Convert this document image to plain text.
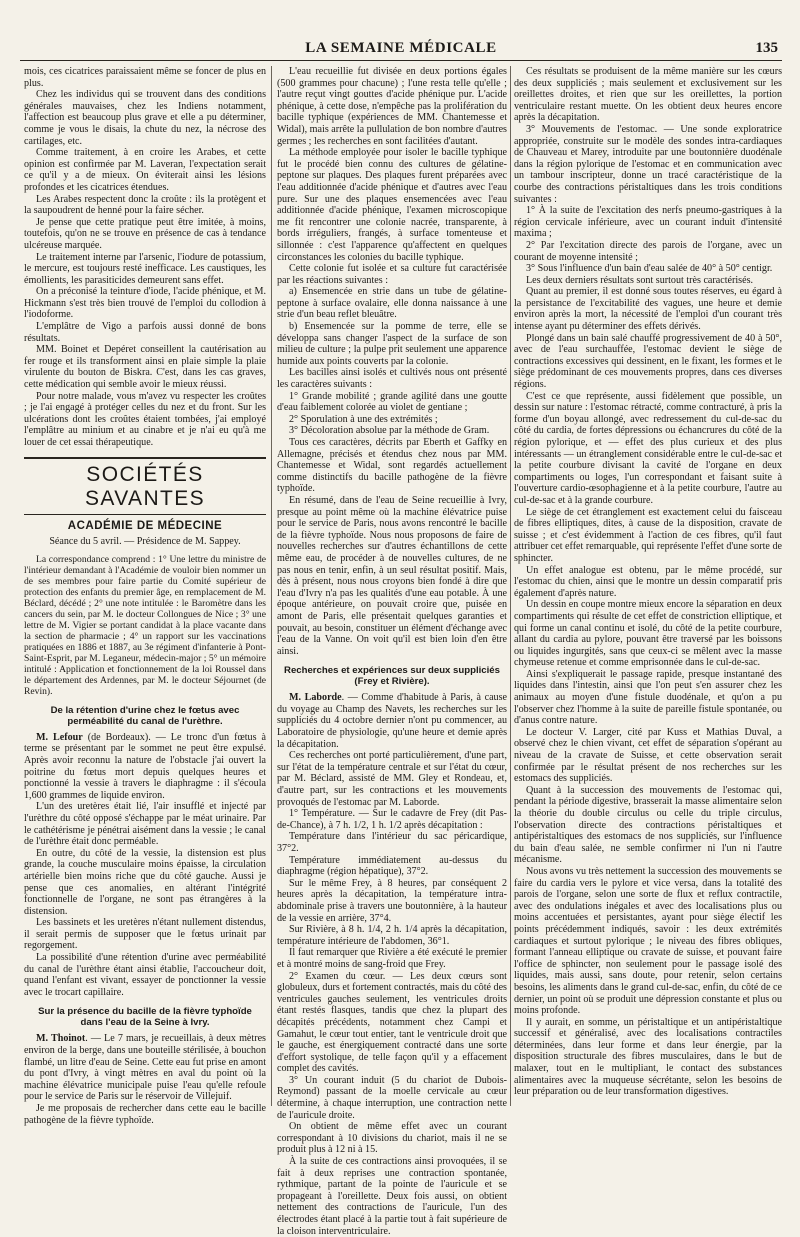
LA SEMAINE MÉDICALE	135

mois, ces cicatrices paraissaient même se foncer de plus en plus.

Chez les individus qui se trouvent dans des conditions générales mauvaises, chez les Indiens notamment, l'affection est beaucoup plus grave et elle a pu déterminer, comme je vous le disais, la chute du nez, la nécrose des cartilages, etc.

Comme traitement, à en croire les Arabes, et cette opinion est confirmée par M. Laveran, l'expectation serait ce qu'il y a de mieux. On éviterait ainsi les lésions profondes et les cicatrices étendues.

Les Arabes respectent donc la croûte : ils la protègent et la saupoudrent de henné pour la faire sécher.

Je pense que cette pratique peut être imitée, à moins, toutefois, qu'on ne se trouve en présence de cas à tendance ulcéreuse marquée.

Le traitement interne par l'arsenic, l'iodure de potassium, le mercure, est toujours resté inefficace. Les caustiques, les émollients, les parasiticides demeurent sans effet.

On a préconisé la teinture d'iode, l'acide phénique, et M. Hickmann s'est très bien trouvé de l'emploi du collodion à l'iodoforme.

L'emplâtre de Vigo a parfois aussi donné de bons résultats.

MM. Boinet et Depéret conseillent la cautérisation au fer rouge et ils transforment ainsi en plaie simple la plaie virulente du bouton de Biskra. C'est, dans les cas graves, cette médication qui semble avoir le mieux réussi.

Pour notre malade, vous m'avez vu respecter les croûtes ; je l'ai engagé à protéger celles du nez et du front. Sur les ulcérations dont les croûtes étaient tombées, j'ai employé l'emplâtre au minium et au cinabre et je n'ai eu qu'à me louer de cet essai thérapeutique.

SOCIÉTÉS SAVANTES
ACADÉMIE DE MÉDECINE
Séance du 5 avril. — Présidence de M. Sappey.

La correspondance comprend : 1° Une lettre du ministre de l'intérieur demandant à l'Académie de vouloir bien nommer un de ses membres pour faire partie du Comité supérieur de protection des enfants du premier âge, en remplacement de M. Béclard, décédé ; 2° une note intitulée : le Baromètre dans les cancers du sein, par M. le docteur Collongues de Nice ; 3° une lettre de M. Vigier se portant candidat à la place vacante dans la section de pharmacie ; 4° un rapport sur les vaccinations pratiquées en 1886 et 1887, au 3e régiment d'infanterie à Pont-Saint-Esprit, par M. Leganeur, médecin-major ; 5° un mémoire intitulé : Application et fonctionnement de la loi Roussel dans le département des Ardennes, par M. le docteur Séjournet (de Revin).

De la rétention d'urine chez le fœtus avec perméabilité du canal de l'urèthre.

M. Lefour (de Bordeaux). — Le tronc d'un fœtus à terme se présentant par le sommet ne peut être expulsé. Après avoir reconnu la nature de l'obstacle j'ai ouvert la poitrine du fœtus mort depuis quelques heures et ponctionné la vessie à travers le diaphragme : il s'écoula 1,600 grammes de liquide environ.

L'un des uretères était lié, l'air insufflé et injecté par l'urèthre du côté opposé s'échappe par le méat urinaire. Par le cathétérisme je pénétrai aisément dans la vessie ; le canal de l'urèthre était donc perméable.

En outre, du côté de la vessie, la distension est plus grande, la couche musculaire moins épaisse, la circulation artérielle bien moins riche que du côté gauche. Aussi je pense que ces anomalies, en altérant l'intégrité fonctionnelle de l'organe, ne sont pas étrangères à la distension.

Les bassinets et les uretères n'étant nullement distendus, il serait permis de supposer que le fœtus urinait par regorgement.

La possibilité d'une rétention d'urine avec perméabilité du canal de l'urèthre étant ainsi établie, l'accoucheur doit, quand l'enfant est vivant, essayer de ponctionner la vessie avec le trocart capillaire.

Sur la présence du bacille de la fièvre typhoïde dans l'eau de la Seine à Ivry.

M. Thoinot. — Le 7 mars, je recueillais, à deux mètres environ de la berge, dans une bouteille stérilisée, à bouchon flambé, un litre d'eau de Seine. Cette eau fut prise en amont du pont d'Ivry, à vingt mètres en aval du point où la machine élévatrice municipale puise l'eau qu'elle refoule pour le service de Paris sur le réservoir de Villejuif.

Je me proposais de rechercher dans cette eau le bacille pathogène de la fièvre typhoïde.

L'eau recueillie fut divisée en deux portions égales (500 grammes pour chacune) ; l'une resta telle qu'elle ; l'autre reçut vingt gouttes d'acide phénique pur. L'acide phénique, à cette dose, n'empêche pas la prolifération du bacille typhique (expériences de MM. Chantemesse et Widal), mais arrête la pullulation de bon nombre d'autres germes ; les recherches en sont facilitées d'autant.

La méthode employée pour isoler le bacille typhique fut le procédé bien connu des cultures de gélatine-peptone sur plaques. Des plaques furent préparées avec l'eau additionnée d'acide phénique et d'autres avec l'eau pure. Sur une des plaques ensemencées avec l'eau additionnée d'acide phénique, l'examen microscopique me fit rencontrer une colonie nacrée, transparente, à bords irréguliers, frangés, à surface tomenteuse et sillonnée : c'est l'apparence qu'affectent en quelques circonstances les colonies du bacille typhique.

Cette colonie fut isolée et sa culture fut caractérisée par les réactions suivantes :

a) Ensemencée en strie dans un tube de gélatine-peptone à surface ovalaire, elle donna naissance à une strie d'un beau reflet bleuâtre.

b) Ensemencée sur la pomme de terre, elle se développa sans changer l'aspect de la surface de son milieu de culture ; la pulpe prit seulement une apparence humide aux points couverts par la colonie.

Les bacilles ainsi isolés et cultivés nous ont présenté les caractères suivants :

1° Grande mobilité ; grande agilité dans une goutte d'eau faiblement colorée au violet de gentiane ;

2° Sporulation à une des extrémités ;

3° Décoloration absolue par la méthode de Gram.

Tous ces caractères, décrits par Eberth et Gaffky en Allemagne, précisés et étendus chez nous par MM. Chantemesse et Widal, sont regardés actuellement comme distinctifs du bacille pathogène de la fièvre typhoïde.

En résumé, dans de l'eau de Seine recueillie à Ivry, presque au point même où la machine élévatrice puise pour le service de Paris, nous avons rencontré le bacille de la fièvre typhoïde. Nous nous proposons de faire de nouvelles recherches sur d'autres échantillons de cette même eau, de procéder à de nouvelles cultures, de ne pas nous en tenir, enfin, à un seul résultat positif. Mais, dès à présent, nous nous croyons bien fondé à dire que l'eau d'Ivry n'a pas les qualités d'une eau potable. À une époque antérieure, on pouvait croire que, puisée en amont de Paris, elle présentait quelques garanties et pouvait, au besoin, constituer un élément d'échange avec l'eau de la Vanne. On voit qu'il est bien loin d'en être ainsi.

Recherches et expériences sur deux suppliciés (Frey et Rivière).

M. Laborde. — Comme d'habitude à Paris, à cause du voyage au Champ des Navets, les recherches sur les suppliciés du 4 octobre dernier n'ont pu commencer, au Laboratoire de physiologie, qu'une heure et demie après la décapitation.

Ces recherches ont porté particulièrement, d'une part, sur l'état de la température centrale et sur l'état du cœur, par M. Béclard, assisté de MM. Gley et Rondeau, et, d'autre part, sur les contractions et les mouvements provoqués de l'estomac par M. Laborde.

1° Température. — Sur le cadavre de Frey (dit Pas-de-Chance), à 7 h. 1/2, 1 h. 1/2 après décapitation :

Température dans l'intérieur du sac péricardique, 37°2.

Température immédiatement au-dessus du diaphragme (région hépatique), 37°2.

Sur le même Frey, à 8 heures, par conséquent 2 heures après la décapitation, la température intra-abdominale prise à travers une boutonnière, à la hauteur de la vessie en arrière, 37°4.

Sur Rivière, à 8 h. 1/4, 2 h. 1/4 après la décapitation, température intérieure de l'abdomen, 36°1.

Il faut remarquer que Rivière a été exécuté le premier et à montré moins de sang-froid que Frey.

2° Examen du cœur. — Les deux cœurs sont globuleux, durs et fortement contractés, mais du côté des ventricules gauches seulement, les ventricules droits étant restés flasques, tandis que chez la plupart des décapités précédents, notamment chez Campi et Gamahut, le cœur tout entier, tant le ventricule droit que le gauche, est énergiquement contracté dans une sorte d'effort systolique, de telle façon qu'il y a effacement complet des cavités.

3° Un courant induit (5 du chariot de Dubois-Reymond) passant de la moelle cervicale au cœur détermine, à chaque interruption, une contraction nette de l'auricule droite.

On obtient de même effet avec un courant correspondant à 10 divisions du chariot, mais il ne se produit plus à 12 ni à 15.

À la suite de ces contractions ainsi provoquées, il se fait à deux reprises une contraction spontanée, rythmique, partant de la pointe de l'auricule et se propageant à l'oreillette. Deux fois aussi, on obtient nettement des contractions de l'auricule, l'un des électrodes étant placé à la partie tout à fait supérieure de la cloison interventriculaire.

Ces résultats se produisent de la même manière sur les cœurs des deux suppliciés ; mais seulement et exclusivement sur les oreillettes droites, et rien que sur les oreillettes, la portion ventriculaire restant muette. On les obtient deux heures encore après la décapitation.

3° Mouvements de l'estomac. — Une sonde exploratrice appropriée, construite sur le modèle des sondes intra-cardiaques de Chauveau et Marey, introduite par une boutonnière duodénale dans la région pylorique de l'estomac et en communication avec un tambour inscripteur, donne un tracé caractéristique de la courbe des contractions péristaltiques dans les trois conditions suivantes :

1° À la suite de l'excitation des nerfs pneumo-gastriques à la région cervicale inférieure, avec un courant induit d'intensité maxima ;

2° Par l'excitation directe des parois de l'organe, avec un courant de moyenne intensité ;

3° Sous l'influence d'un bain d'eau salée de 40° à 50° centigr.

Les deux derniers résultats sont surtout très caractérisés.

Quant au premier, il est donné sous toutes réserves, eu égard à la persistance de l'excitabilité des vagues, une heure et demie environ après la mort, la nécessité de l'emploi d'un courant très intense ayant pu déterminer des effets dérivés.

Plongé dans un bain salé chauffé progressivement de 40 à 50°, avec de l'eau surchauffée, l'estomac devient le siège de contractions excessives qui dessinent, en le fixant, les formes et le siège prédominant de ces mouvements propres, dans ces diverses régions.

C'est ce que représente, aussi fidèlement que possible, un dessin sur nature : l'estomac rétracté, comme contracturé, à pris la forme d'un boyau allongé, avec redressement du cul-de-sac du côté du cardia, de fortes dépressions ou échancrures du côté de la région pylorique, et — effet des plus curieux et des plus intéressants — un étranglement considérable entre le cul-de-sac et la petite courbure divisant la cavité de l'organe en deux compartiments ou loges, l'un correspondant et faisant suite à l'ouverture cardio-œsophagienne et à la petite courbure, l'autre au cul-de-sac et à la grande courbure.

Le siège de cet étranglement est exactement celui du faisceau de fibres elliptiques, dites, à cause de la disposition, cravate de suisse ; et c'est évidemment à l'action de ces fibres, qu'il faut attribuer cet effet remarquable, qui représente l'effet d'une sorte de sphincter.

Un effet analogue est obtenu, par le même procédé, sur l'estomac du chien, ainsi que le montre un dessin comparatif pris également d'après nature.

Un dessin en coupe montre mieux encore la séparation en deux compartiments qui résulte de cet effet de constriction elliptique, et qui forme un canal continu et isolé, du côté de la petite courbure, allant du cardia au pylore, pouvant être traversé par les boissons ou liquides ingurgités, sans que ceux-ci se mêlent avec la masse chymeuse retenue et comme emprisonnée dans le cul-de-sac.

Ainsi s'expliquerait le passage rapide, presque instantané des liquides dans l'intestin, ainsi que l'on peut s'en assurer chez les animaux au moyen d'une fistule duodénale, et qu'on a pu l'observer chez l'homme à la suite de pareille fistule spontanée, ou d'anus contre nature.

Le docteur V. Larger, cité par Kuss et Mathias Duval, a observé chez le chien vivant, cet effet de séparation s'opérant au niveau de la cravate de Suisse, et cette observation serait confirmée par le résultat présent de nos recherches sur les estomacs des suppliciés.

Quant à la succession des mouvements de l'estomac qui, pendant la période digestive, brasserait la masse alimentaire selon la théorie du double circulus ou celle du triple circulus, l'observation directe des contractions péristaltiques et antipéristaltiques des estomacs de nos suppliciés, sur l'influence du bain d'eau salée, ne semble confirmer ni l'un ni l'autre mécanisme.

Nous avons vu très nettement la succession des mouvements se faire du cardia vers le pylore et vice versa, dans la totalité des parois de l'organe, selon une sorte de flux et reflux contractile, avec des ondulations inégales et avec des localisations plus ou moins accentuées et persistantes, ayant pour siège électif les points précédemment indiqués, savoir : les deux extrémités cardiaques et surtout pylorique ; le niveau des fibres obliques, formant l'anneau elliptique ou cravate de suisse, et pouvant faire l'office de sphincter, non seulement pour le passage isolé des liquides, mais aussi, sans doute, pour retenir, selon certains besoins, les aliments dans le grand cul-de-sac, enfin, du côté de ce dernier, un point où se produit une dépression constante et plus ou moins profonde.

Il y aurait, en somme, un péristaltique et un antipéristaltique successif et généralisé, avec des localisations contractiles déterminées, dans leur forme et dans leur énergie, par la disposition structurale des fibres musculaires, dans le but de malaxer, tout en le multipliant, le contact des substances alimentaires avec la muqueuse sécrétante, selon les besoins de leur préparation ou de leur transformation digestives.
